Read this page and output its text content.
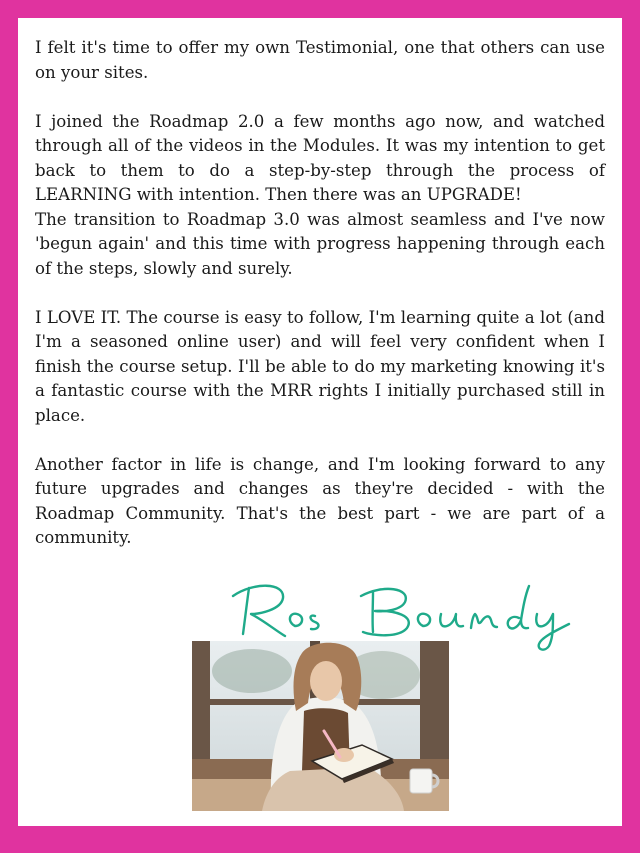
I felt it's time to offer my own Testimonial, one that others can use on your sites.

I joined the Roadmap 2.0 a few months ago now, and watched through all of the videos in the Modules. It was my intention to get back to them to do a step-by-step through the process of LEARNING with intention. Then there was an UPGRADE!
The transition to Roadmap 3.0 was almost seamless and I've now 'begun again' and this time with progress happening through each of the steps, slowly and surely.

I LOVE IT. The course is easy to follow, I'm learning quite a lot (and I'm a seasoned online user) and will feel very confident when I finish the course setup. I'll be able to do my marketing knowing it's a fantastic course with the MRR rights I initially purchased still in place.

Another factor in life is change, and I'm looking forward to any future upgrades and changes as they're decided - with the Roadmap Community. That's the best part - we are part of a community.
